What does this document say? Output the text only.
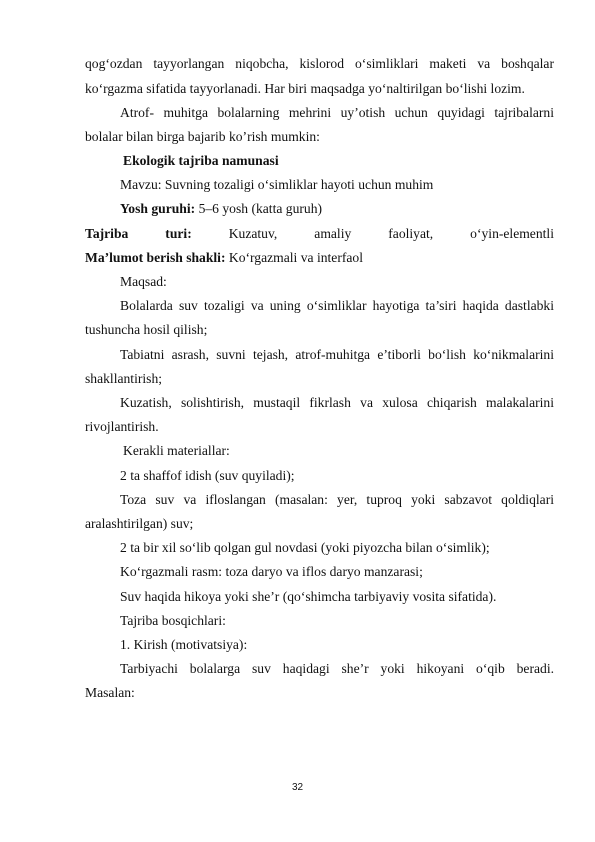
qog‘ozdan tayyorlangan niqobcha, kislorod o‘simliklari maketi va boshqalar
ko‘rgazma sifatida tayyorlanadi. Har biri maqsadga yo‘naltirilgan bo‘lishi lozim.
Atrof- muhitga bolalarning mehrini uy’otish uchun quyidagi tajribalarni
bolalar bilan birga bajarib ko’rish mumkin:
Ekologik tajriba namunasi
Mavzu: Suvning tozaligi o‘simliklar hayoti uchun muhim
Yosh guruhi: 5–6 yosh (katta guruh)
Tajriba	turi:	Kuzatuv,	amaliy	faoliyat,	o‘yin-elementli
Ma’lumot berish shakli: Ko‘rgazmali va interfaol
Maqsad:
Bolalarda suv tozaligi va uning o‘simliklar hayotiga ta’siri haqida dastlabki
tushuncha hosil qilish;
Tabiatni asrash, suvni tejash, atrof-muhitga e’tiborli bo‘lish ko‘nikmalarini
shakllantirish;
Kuzatish, solishtirish, mustaqil fikrlash va xulosa chiqarish malakalarini
rivojlantirish.
Kerakli materiallar:
2 ta shaffof idish (suv quyiladi);
Toza suv va ifloslangan (masalan: yer, tuproq yoki sabzavot qoldiqlari
aralashtirilgan) suv;
2 ta bir xil so‘lib qolgan gul novdasi (yoki piyozcha bilan o‘simlik);
Ko‘rgazmali rasm: toza daryo va iflos daryo manzarasi;
Suv haqida hikoya yoki she’r (qo‘shimcha tarbiyaviy vosita sifatida).
Tajriba bosqichlari:
1. Kirish (motivatsiya):
Tarbiyachi bolalarga suv haqidagi she’r yoki hikoyani o‘qib beradi.
Masalan:
32
